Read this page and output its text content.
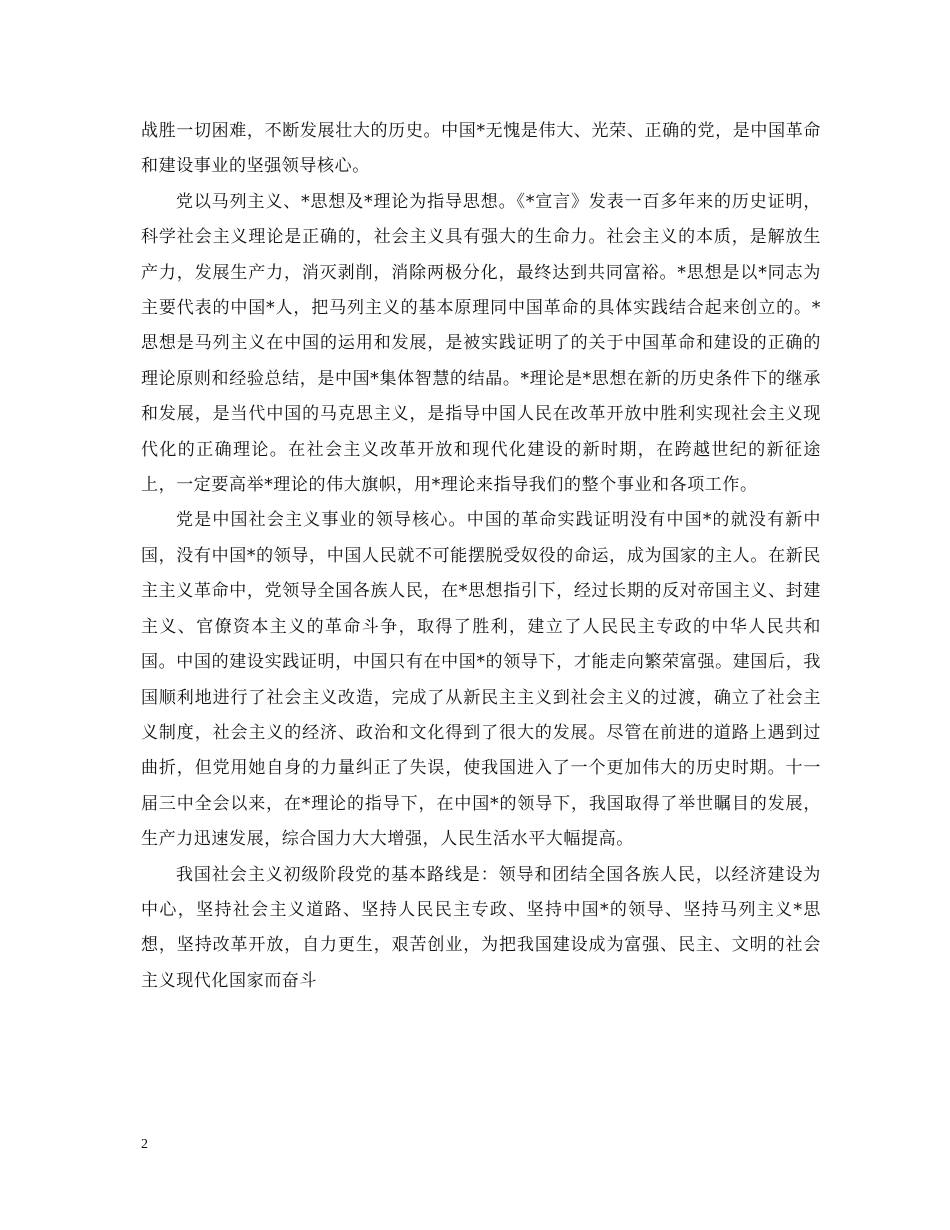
战胜一切困难，不断发展壮大的历史。中国*无愧是伟大、光荣、正确的党，是中国革命和建设事业的坚强领导核心。

党以马列主义、*思想及*理论为指导思想。《*宣言》发表一百多年来的历史证明，科学社会主义理论是正确的，社会主义具有强大的生命力。社会主义的本质，是解放生产力，发展生产力，消灭剥削，消除两极分化，最终达到共同富裕。*思想是以*同志为主要代表的中国*人，把马列主义的基本原理同中国革命的具体实践结合起来创立的。*思想是马列主义在中国的运用和发展，是被实践证明了的关于中国革命和建设的正确的理论原则和经验总结，是中国*集体智慧的结晶。*理论是*思想在新的历史条件下的继承和发展，是当代中国的马克思主义，是指导中国人民在改革开放中胜利实现社会主义现代化的正确理论。在社会主义改革开放和现代化建设的新时期，在跨越世纪的新征途上，一定要高举*理论的伟大旗帜，用*理论来指导我们的整个事业和各项工作。

党是中国社会主义事业的领导核心。中国的革命实践证明没有中国*的就没有新中国，没有中国*的领导，中国人民就不可能摆脱受奴役的命运，成为国家的主人。在新民主主义革命中，党领导全国各族人民，在*思想指引下，经过长期的反对帝国主义、封建主义、官僚资本主义的革命斗争，取得了胜利，建立了人民民主专政的中华人民共和国。中国的建设实践证明，中国只有在中国*的领导下，才能走向繁荣富强。建国后，我国顺利地进行了社会主义改造，完成了从新民主主义到社会主义的过渡，确立了社会主义制度，社会主义的经济、政治和文化得到了很大的发展。尽管在前进的道路上遇到过曲折，但党用她自身的力量纠正了失误，使我国进入了一个更加伟大的历史时期。十一届三中全会以来，在*理论的指导下，在中国*的领导下，我国取得了举世瞩目的发展，生产力迅速发展，综合国力大大增强，人民生活水平大幅提高。

我国社会主义初级阶段党的基本路线是：领导和团结全国各族人民，以经济建设为中心，坚持社会主义道路、坚持人民民主专政、坚持中国*的领导、坚持马列主义*思想，坚持改革开放，自力更生，艰苦创业，为把我国建设成为富强、民主、文明的社会主义现代化国家而奋斗

2
